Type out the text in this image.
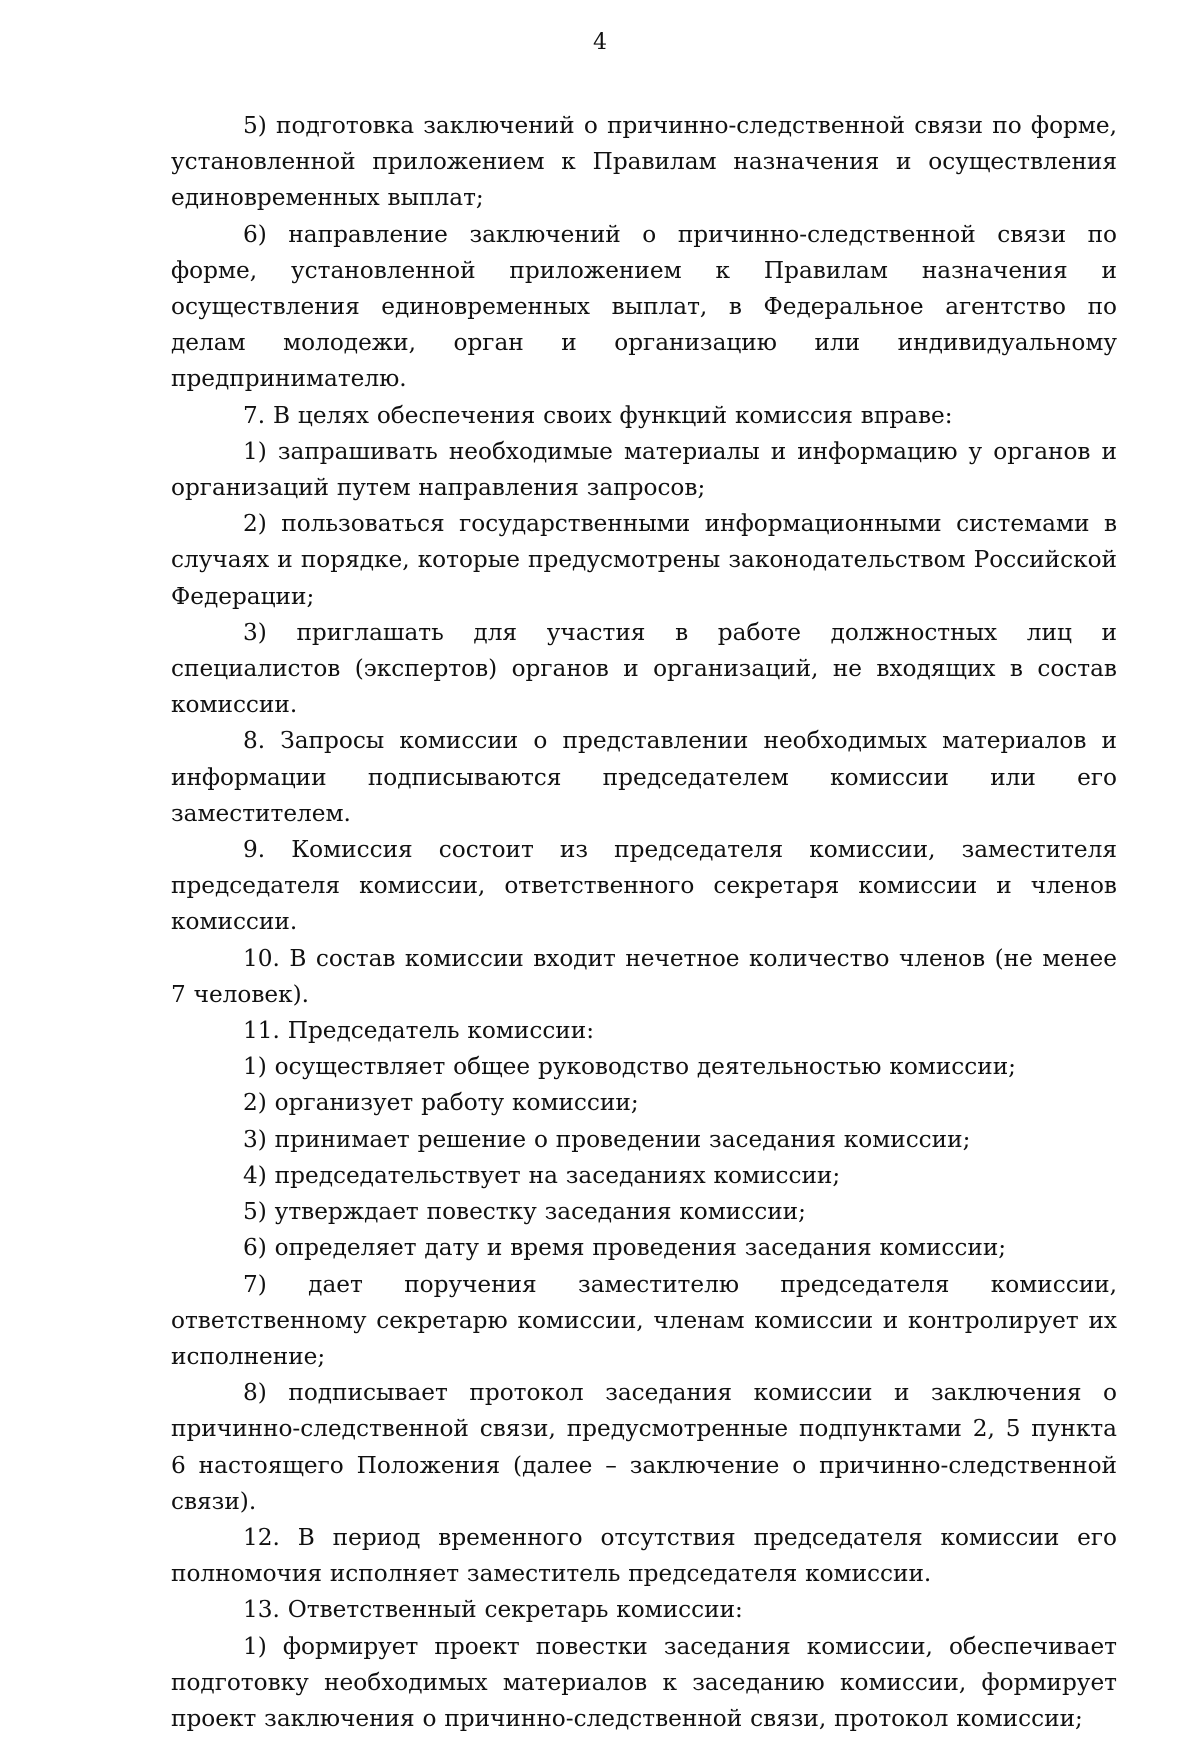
4

5) подготовка заключений о причинно-следственной связи по форме, установленной приложением к Правилам назначения и осуществления единовременных выплат;

6) направление заключений о причинно-следственной связи по форме, установленной приложением к Правилам назначения и осуществления единовременных выплат, в Федеральное агентство по делам молодежи, орган и организацию или индивидуальному предпринимателю.

7. В целях обеспечения своих функций комиссия вправе:

1) запрашивать необходимые материалы и информацию у органов и организаций путем направления запросов;

2) пользоваться государственными информационными системами в случаях и порядке, которые предусмотрены законодательством Российской Федерации;

3) приглашать для участия в работе должностных лиц и специалистов (экспертов) органов и организаций, не входящих в состав комиссии.

8. Запросы комиссии о представлении необходимых материалов и информации подписываются председателем комиссии или его заместителем.

9. Комиссия состоит из председателя комиссии, заместителя председателя комиссии, ответственного секретаря комиссии и членов комиссии.

10. В состав комиссии входит нечетное количество членов (не менее 7 человек).

11. Председатель комиссии:

1) осуществляет общее руководство деятельностью комиссии;

2) организует работу комиссии;

3) принимает решение о проведении заседания комиссии;

4) председательствует на заседаниях комиссии;

5) утверждает повестку заседания комиссии;

6) определяет дату и время проведения заседания комиссии;

7) дает поручения заместителю председателя комиссии, ответственному секретарю комиссии, членам комиссии и контролирует их исполнение;

8) подписывает протокол заседания комиссии и заключения о причинно-следственной связи, предусмотренные подпунктами 2, 5 пункта 6 настоящего Положения (далее – заключение о причинно-следственной связи).

12. В период временного отсутствия председателя комиссии его полномочия исполняет заместитель председателя комиссии.

13. Ответственный секретарь комиссии:

1) формирует проект повестки заседания комиссии, обеспечивает подготовку необходимых материалов к заседанию комиссии, формирует проект заключения о причинно-следственной связи, протокол комиссии;
